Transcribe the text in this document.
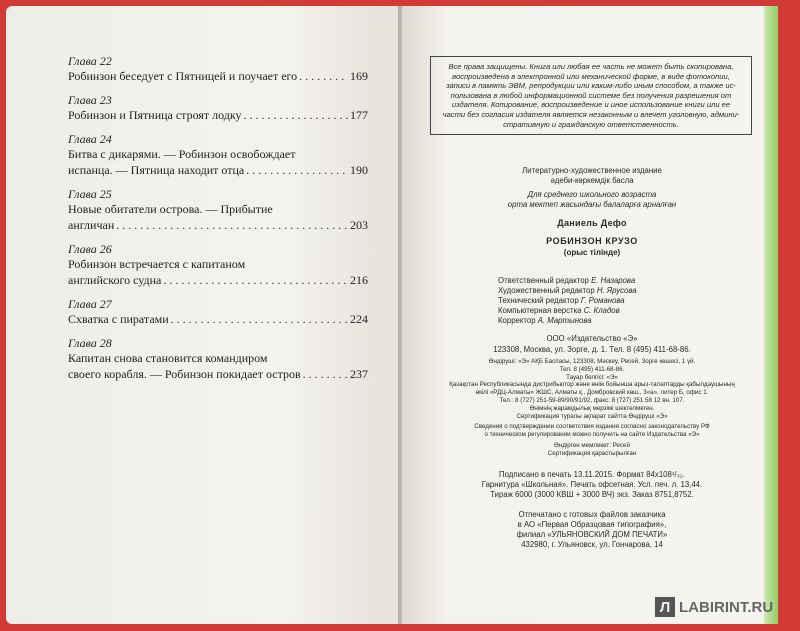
Глава 22
Робинзон беседует с Пятницей и поучает его . . .	169
Глава 23
Робинзон и Пятница строят лодку . . .	177
Глава 24
Битва с дикарями. — Робинзон освобождает
испанца. — Пятница находит отца . . .	190
Глава 25
Новые обитатели острова. — Прибытие
англичан . . .	203
Глава 26
Робинзон встречается с капитаном
английского судна . . .	216
Глава 27
Схватка с пиратами . . .	224
Глава 28
Капитан снова становится командиром
своего корабля. — Робинзон покидает остров . . .	237
Все права защищены. Книга или любая ее часть не может быть скопирована,
воспроизведена в электронной или механической форме, в виде фотокопии,
записи в память ЭВМ, репродукции или каким-либо иным способом, а также ис-
пользована в любой информационной системе без получения разрешения от
издателя. Копирование, воспроизведение и иное использование книги или ее
части без согласия издателя является незаконным и влечет уголовную, админи-
стративную и гражданскую ответственность.
Литературно-художественное издание
әдеби-көркемдік басла
Для среднего школьного возраста
орта мектеп жасындағы балаларға арналған
Даниель Дефо
РОБИНЗОН КРУЗО
(орыс тілінде)
Ответственный редактор Е. Назарова
Художественный редактор Н. Ярусова
Технический редактор Г. Романова
Компьютерная верстка С. Кладов
Корректор А. Мартынова
ООО «Издательство «Э»
123308, Москва, ул. Зорге, д. 1. Тел. 8 (495) 411-68-86.
Өндіруші: «Э» АҚБ Баспасы, 123308, Мәскеу, Ресей, Зорге көшесі, 1 үй.
Тел. 8 (495) 411-68-86.
Тауар белгісі: «Э»
Қазақстан Республикасында дистрибьютор және өнім бойынша арыз-талаптарды қабылдаушының
өкілі «РДЦ-Алматы» ЖШС, Алматы қ., Домбровский көш., 3«а», литер Б, офис 1.
Тел.: 8 (727) 251-59-89/90/91/92, факс: 8 (727) 251 58 12 вн. 107.
Өнімнің жарамдылық мерзімі шектелмеген.
Сертификация туралы ақпарат сайтта Өндіруші «Э»
Сведения о подтверждении соответствия издания согласно законодательству РФ
о техническом регулировании можно получить на сайте Издательства «Э»
Өндірген мемлекет: Ресей
Сертификация қарастырылған
Подписано в печать 13.11.2015. Формат 84x108¹/₃₂.
Гарнитура «Школьная». Печать офсетная. Усл. печ. л. 13,44.
Тираж 6000 (3000 КВШ + 3000 ВЧ) экз. Заказ 8751,8752.
Отпечатано с готовых файлов заказчика
в АО «Первая Образцовая типография»,
филиал «УЛЬЯНОВСКИЙ ДОМ ПЕЧАТИ»
432980, г. Ульяновск, ул. Гончарова, 14
Л LABIRINT.RU
